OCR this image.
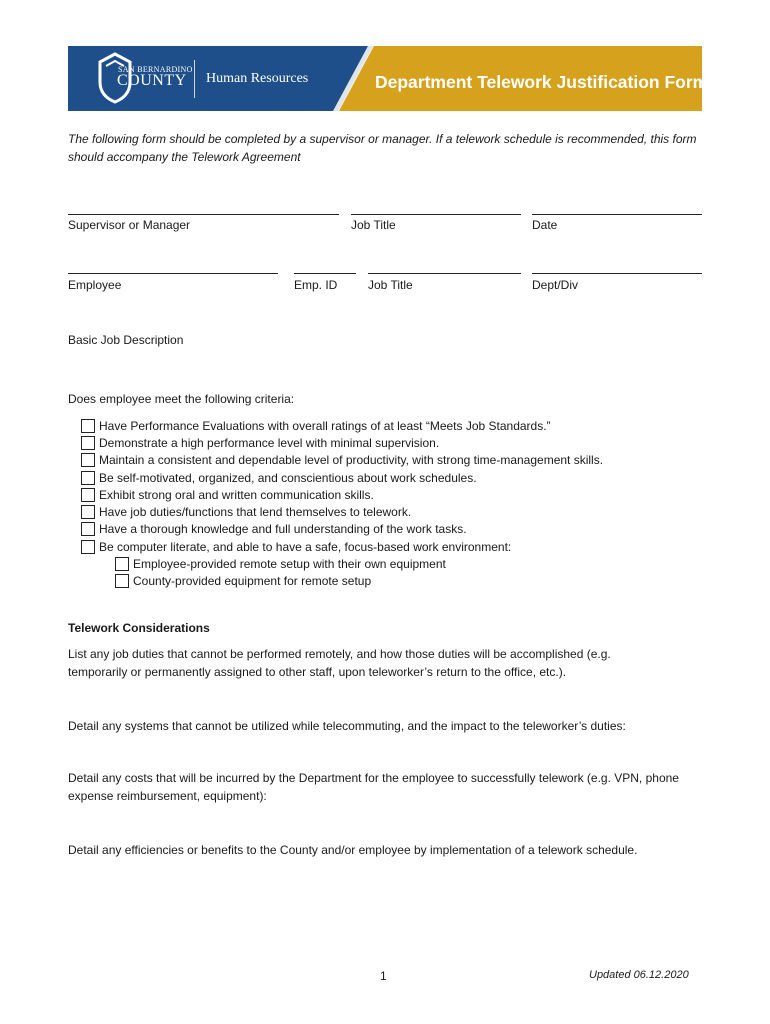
SAN BERNARDINO
COUNTY Human Resources	Department Telework Justification Form
The following form should be completed by a supervisor or manager. If a telework schedule is recommended, this form should accompany the Telework Agreement
Supervisor or Manager	Job Title	Date
Employee	Emp. ID	Job Title	Dept/Div
Basic Job Description
Does employee meet the following criteria:
Have Performance Evaluations with overall ratings of at least “Meets Job Standards.”
Demonstrate a high performance level with minimal supervision.
Maintain a consistent and dependable level of productivity, with strong time-management skills.
Be self-motivated, organized, and conscientious about work schedules.
Exhibit strong oral and written communication skills.
Have job duties/functions that lend themselves to telework.
Have a thorough knowledge and full understanding of the work tasks.
Be computer literate, and able to have a safe, focus-based work environment:
Employee-provided remote setup with their own equipment
County-provided equipment for remote setup
Telework Considerations
List any job duties that cannot be performed remotely, and how those duties will be accomplished (e.g. temporarily or permanently assigned to other staff, upon teleworker’s return to the office, etc.).
Detail any systems that cannot be utilized while telecommuting, and the impact to the teleworker’s duties:
Detail any costs that will be incurred by the Department for the employee to successfully telework (e.g. VPN, phone expense reimbursement, equipment):
Detail any efficiencies or benefits to the County and/or employee by implementation of a telework schedule.
1	Updated 06.12.2020
